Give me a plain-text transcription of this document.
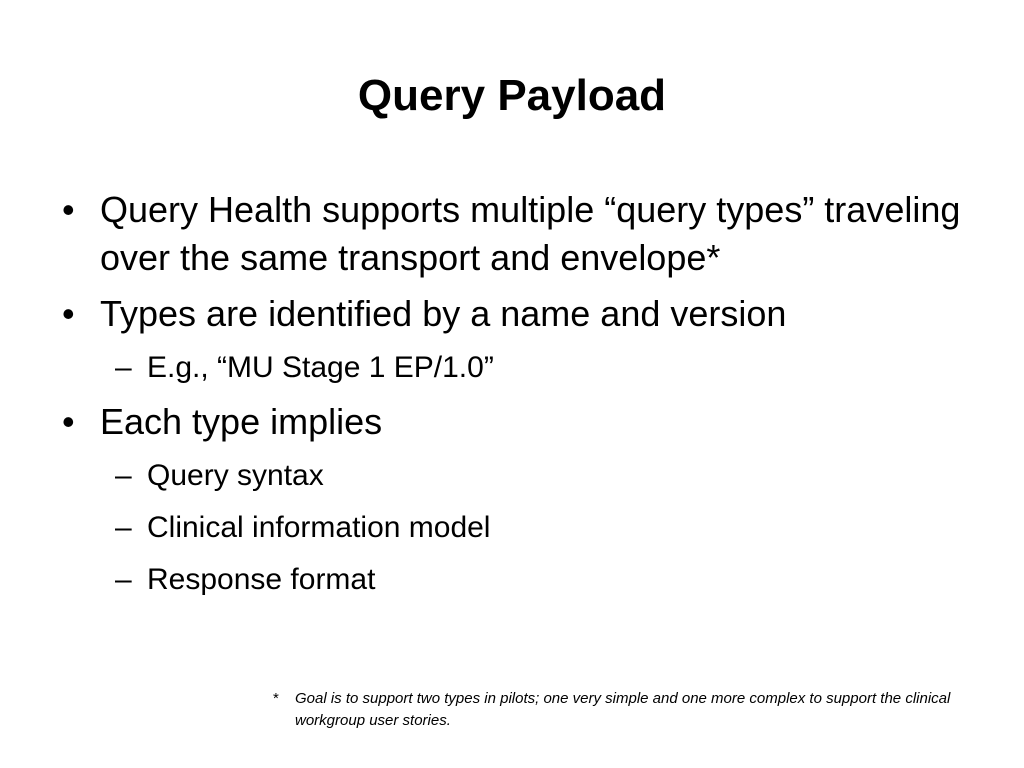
Query Payload
• Query Health supports multiple “query types” traveling over the same transport and envelope*
• Types are identified by a name and version
– E.g., “MU Stage 1 EP/1.0”
• Each type implies
– Query syntax
– Clinical information model
– Response format
*	Goal is to support two types in pilots; one very simple and one more complex to support the clinical workgroup user stories.
